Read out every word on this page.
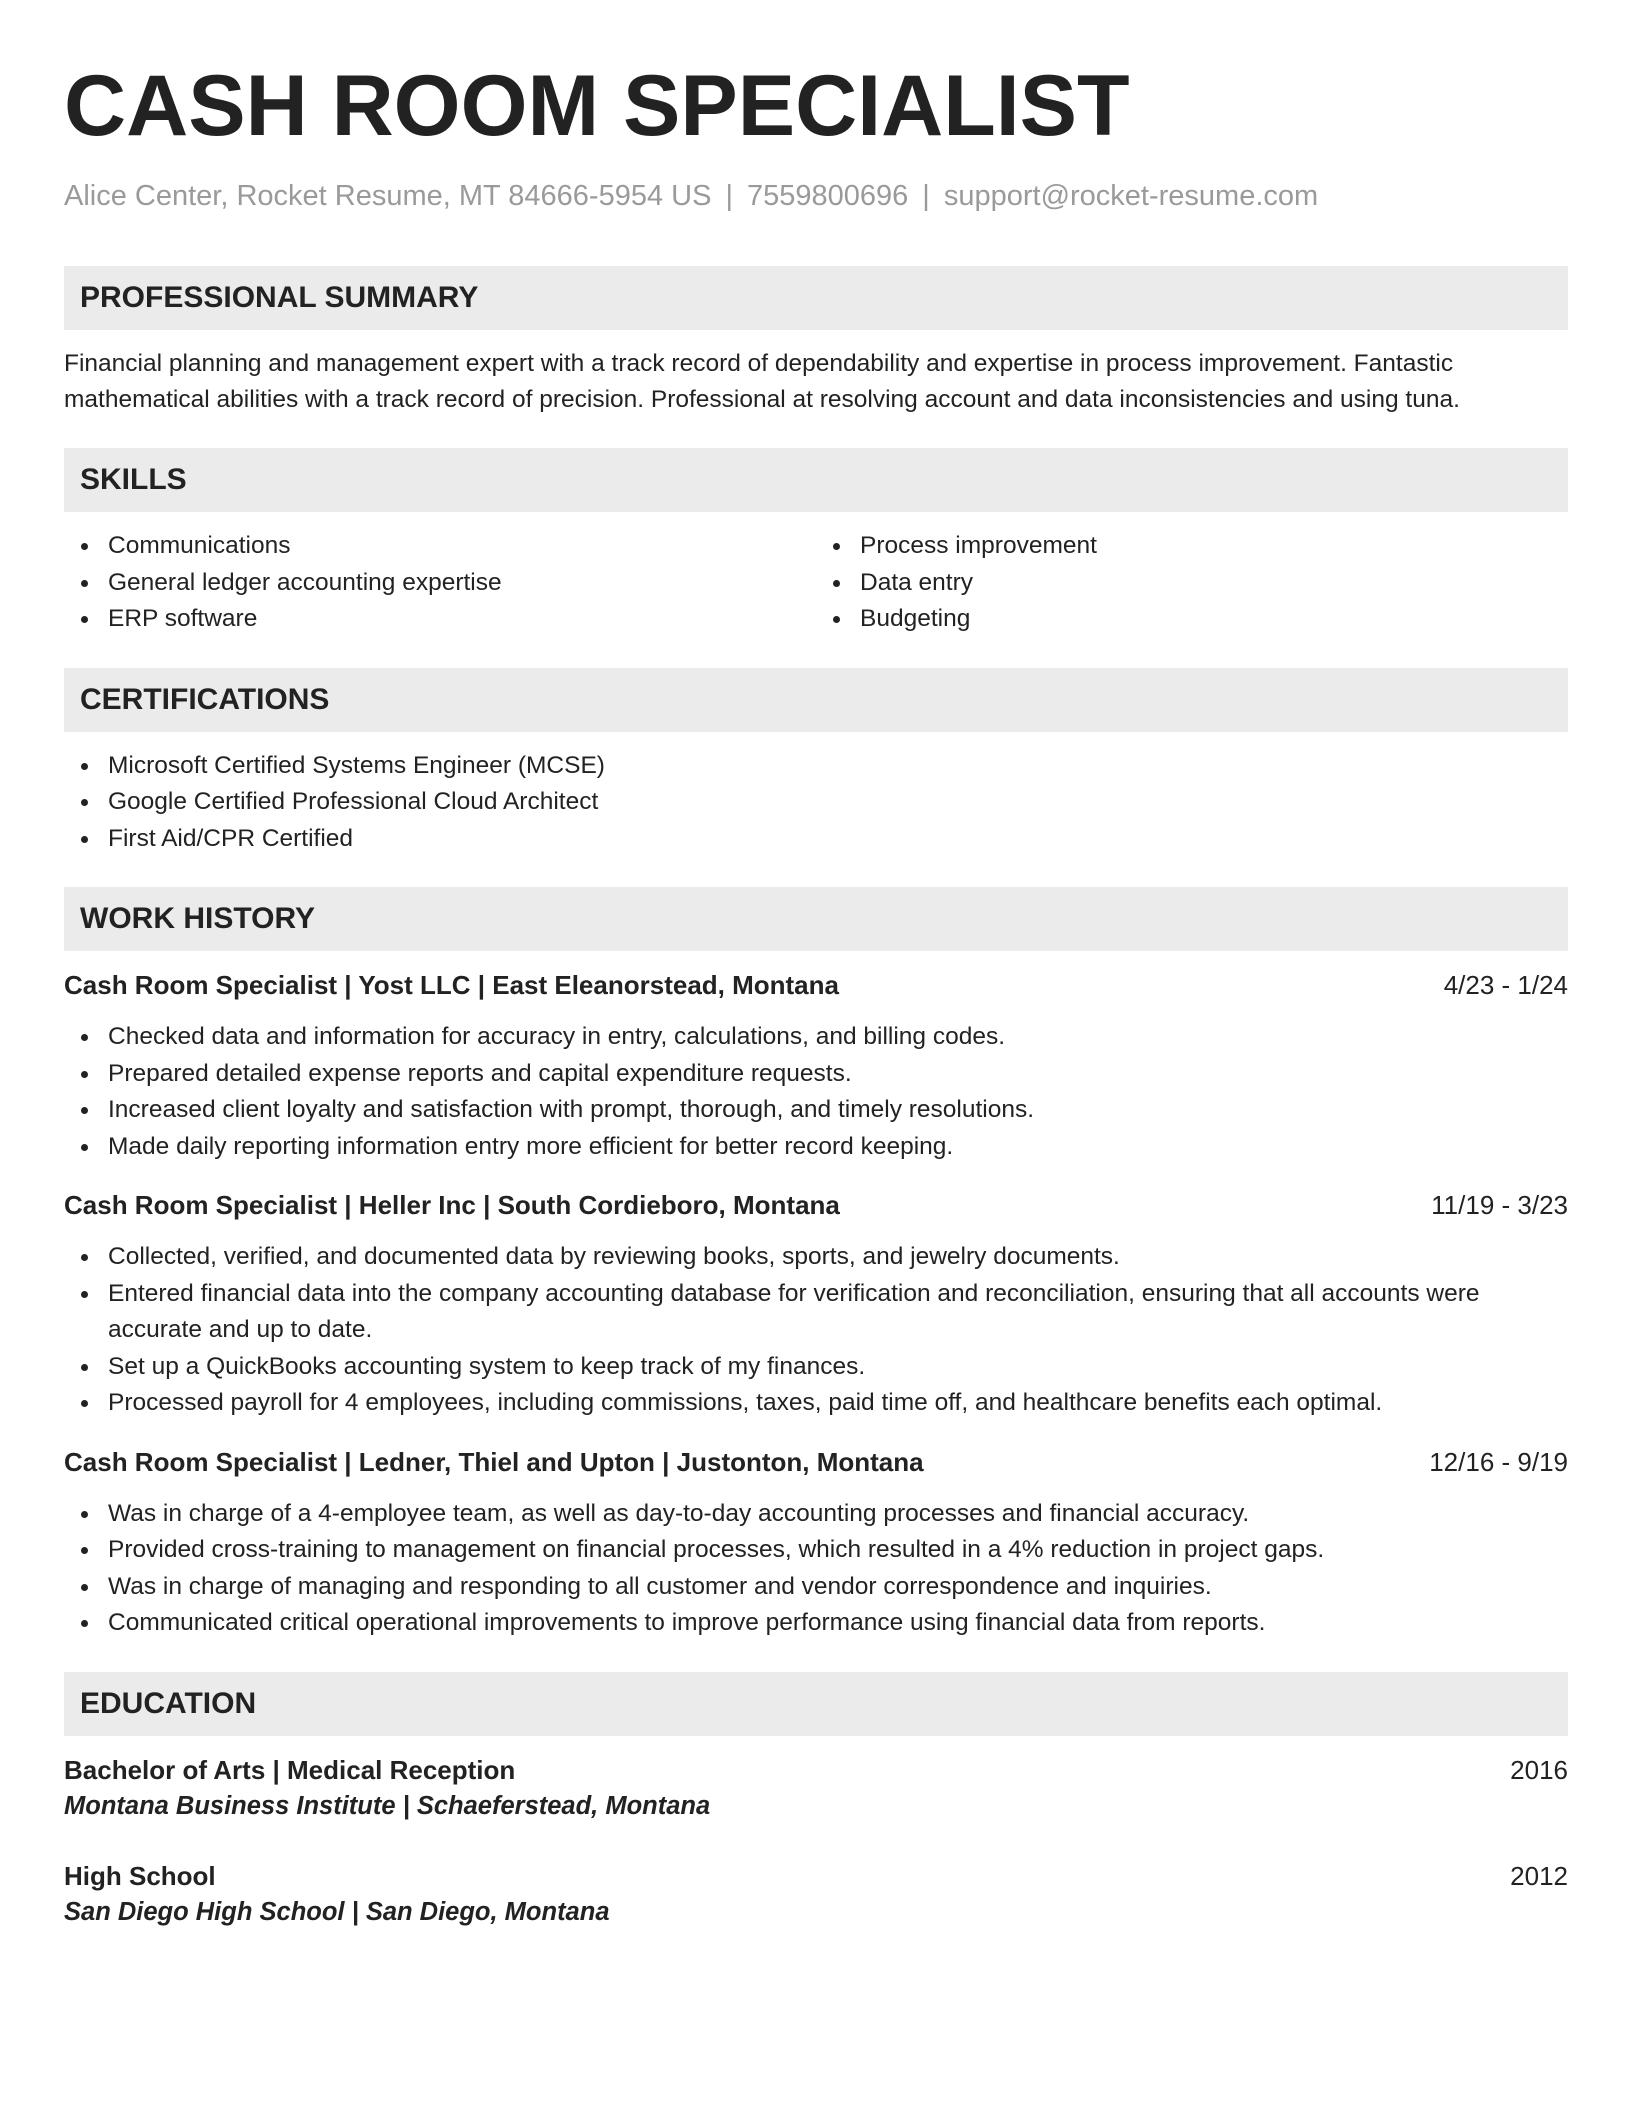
CASH ROOM SPECIALIST
Alice Center, Rocket Resume, MT 84666-5954 US | 7559800696 | support@rocket-resume.com
PROFESSIONAL SUMMARY

Financial planning and management expert with a track record of dependability and expertise in process improvement. Fantastic mathematical abilities with a track record of precision. Professional at resolving account and data inconsistencies and using tuna.

SKILLS
Communications
General ledger accounting expertise
ERP software
Process improvement
Data entry
Budgeting
CERTIFICATIONS
Microsoft Certified Systems Engineer (MCSE)
Google Certified Professional Cloud Architect
First Aid/CPR Certified
WORK HISTORY
Cash Room Specialist | Yost LLC | East Eleanorstead, Montana	4/23 - 1/24
Checked data and information for accuracy in entry, calculations, and billing codes.
Prepared detailed expense reports and capital expenditure requests.
Increased client loyalty and satisfaction with prompt, thorough, and timely resolutions.
Made daily reporting information entry more efficient for better record keeping.
Cash Room Specialist | Heller Inc | South Cordieboro, Montana	11/19 - 3/23
Collected, verified, and documented data by reviewing books, sports, and jewelry documents.
Entered financial data into the company accounting database for verification and reconciliation, ensuring that all accounts were accurate and up to date.
Set up a QuickBooks accounting system to keep track of my finances.
Processed payroll for 4 employees, including commissions, taxes, paid time off, and healthcare benefits each optimal.
Cash Room Specialist | Ledner, Thiel and Upton | Justonton, Montana	12/16 - 9/19
Was in charge of a 4-employee team, as well as day-to-day accounting processes and financial accuracy.
Provided cross-training to management on financial processes, which resulted in a 4% reduction in project gaps.
Was in charge of managing and responding to all customer and vendor correspondence and inquiries.
Communicated critical operational improvements to improve performance using financial data from reports.
EDUCATION
Bachelor of Arts | Medical Reception	2016
Montana Business Institute | Schaeferstead, Montana
High School	2012
San Diego High School | San Diego, Montana
